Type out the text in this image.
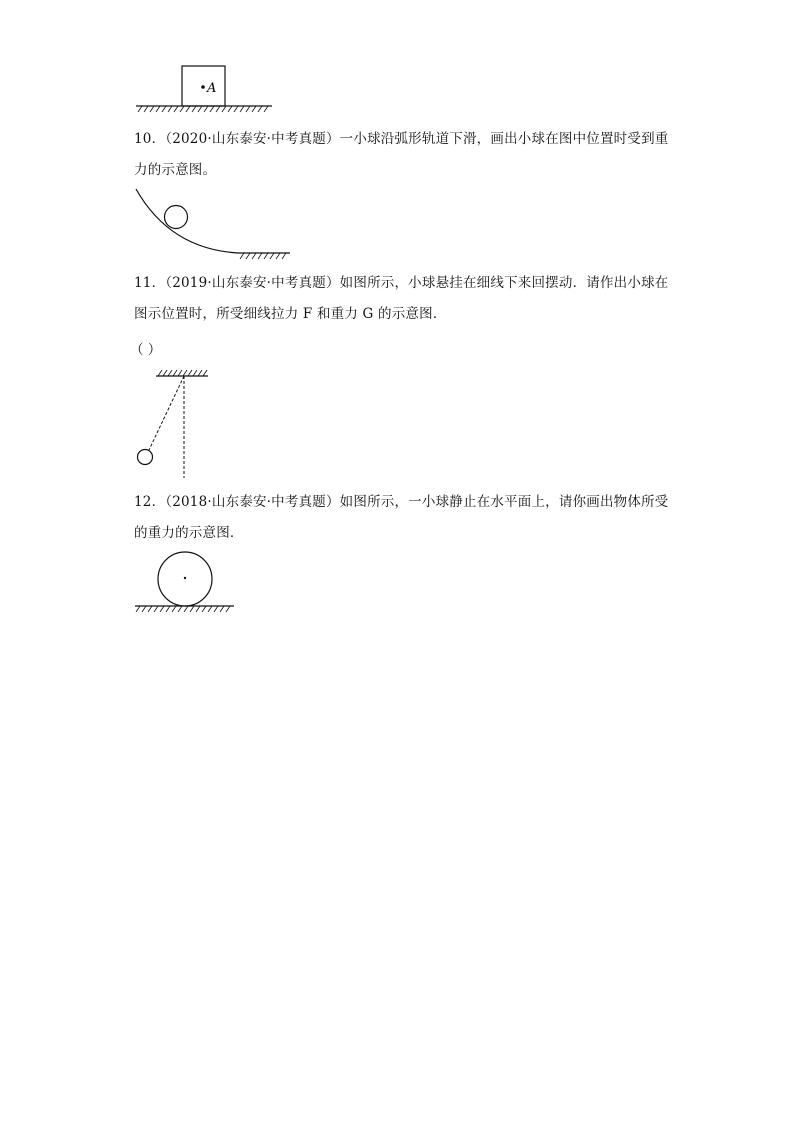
A
10．（2020·山东泰安·中考真题）一小球沿弧形轨道下滑，画出小球在图中位置时受到重
力的示意图。
11．（2019·山东泰安·中考真题）如图所示，小球悬挂在细线下来回摆动．请作出小球在
图示位置时，所受细线拉力 F 和重力 G 的示意图．
（ ）
12．（2018·山东泰安·中考真题）如图所示，一小球静止在水平面上，请你画出物体所受
的重力的示意图．
